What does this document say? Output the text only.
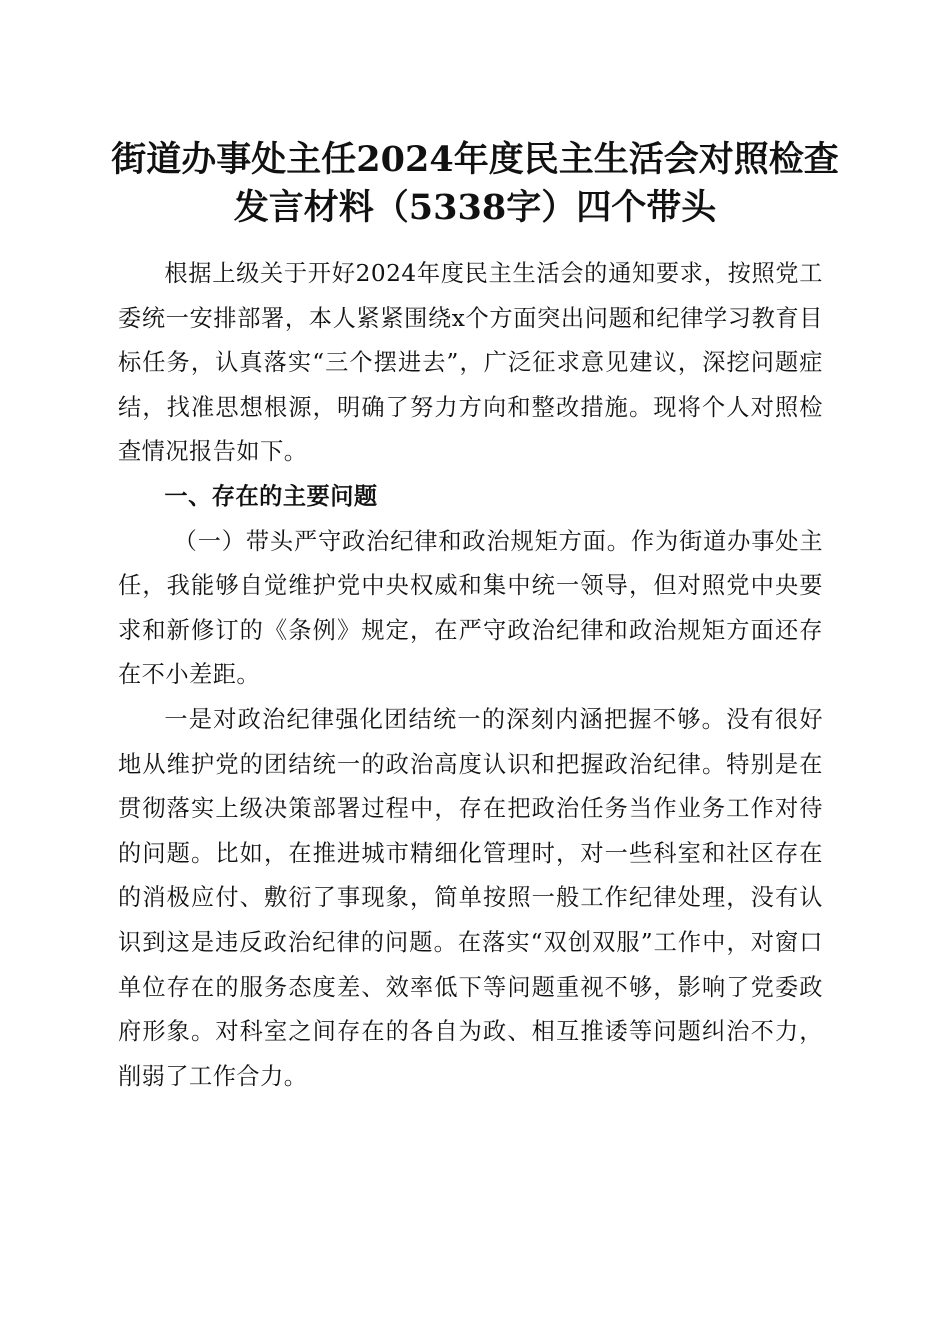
街道办事处主任2024年度民主生活会对照检查发言材料（5338字）四个带头

根据上级关于开好2024年度民主生活会的通知要求，按照党工委统一安排部署，本人紧紧围绕x个方面突出问题和纪律学习教育目标任务，认真落实“三个摆进去”，广泛征求意见建议，深挖问题症结，找准思想根源，明确了努力方向和整改措施。现将个人对照检查情况报告如下。

一、存在的主要问题

（一）带头严守政治纪律和政治规矩方面。作为街道办事处主任，我能够自觉维护党中央权威和集中统一领导，但对照党中央要求和新修订的《条例》规定，在严守政治纪律和政治规矩方面还存在不小差距。

一是对政治纪律强化团结统一的深刻内涵把握不够。没有很好地从维护党的团结统一的政治高度认识和把握政治纪律。特别是在贯彻落实上级决策部署过程中，存在把政治任务当作业务工作对待的问题。比如，在推进城市精细化管理时，对一些科室和社区存在的消极应付、敷衍了事现象，简单按照一般工作纪律处理，没有认识到这是违反政治纪律的问题。在落实“双创双服”工作中，对窗口单位存在的服务态度差、效率低下等问题重视不够，影响了党委政府形象。对科室之间存在的各自为政、相互推诿等问题纠治不力，削弱了工作合力。
